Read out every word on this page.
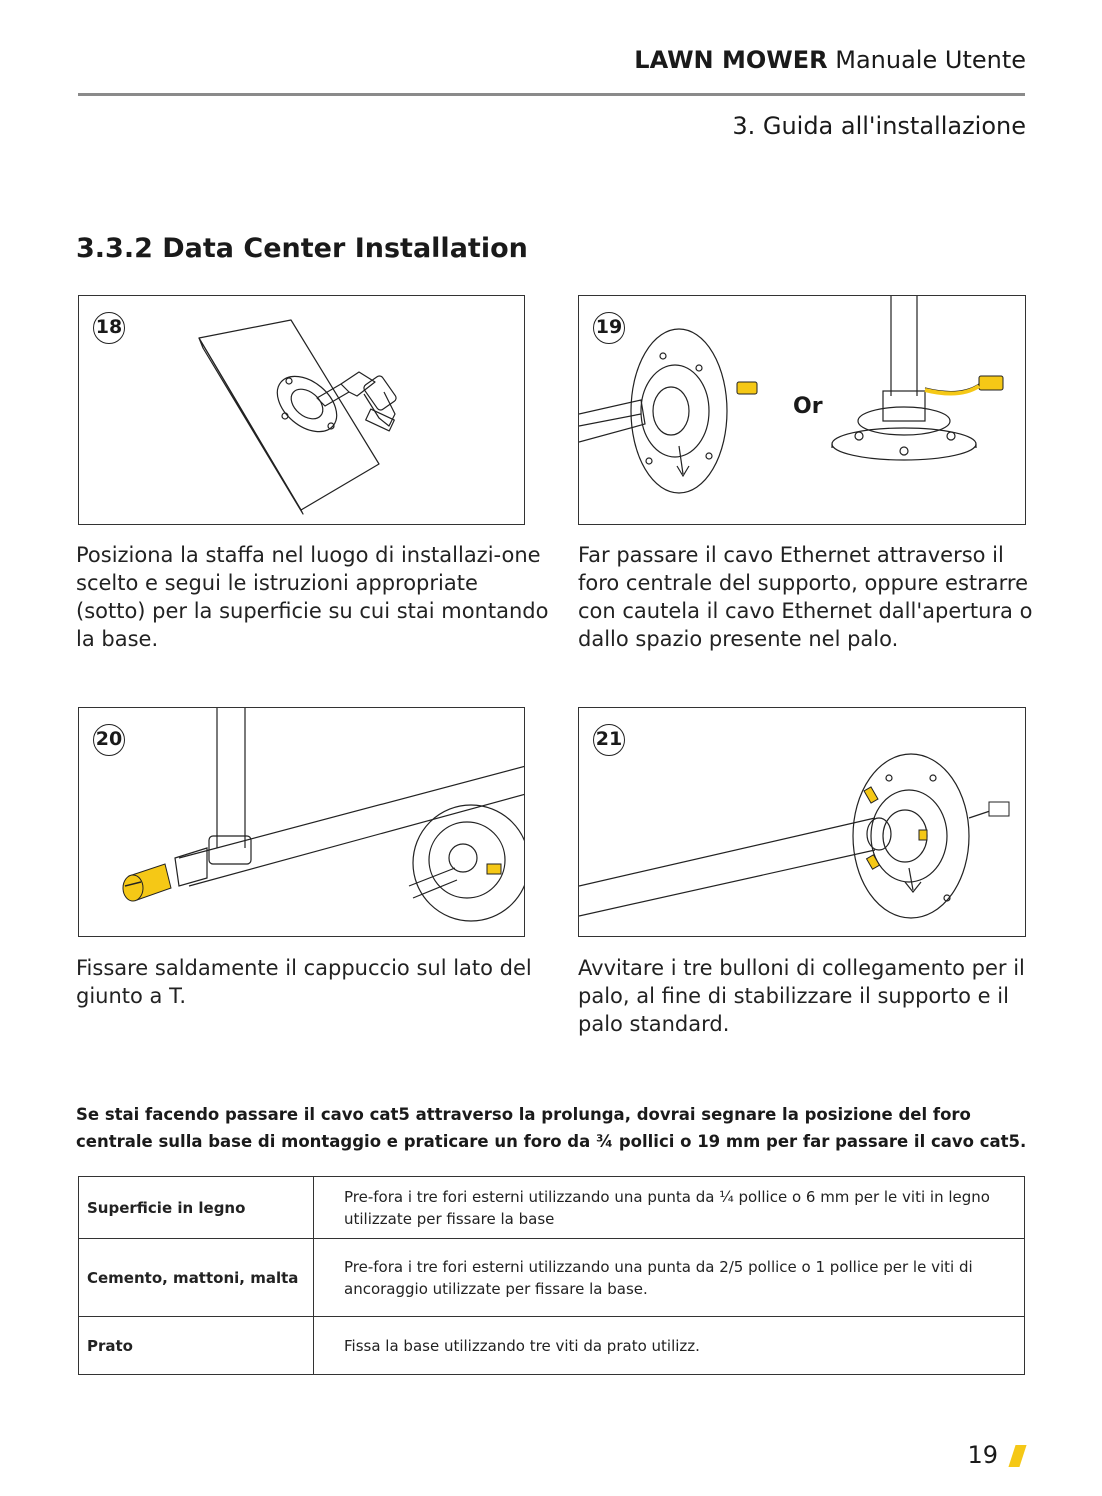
LAWN MOWER Manuale Utente
3. Guida all'installazione
3.3.2 Data Center Installation
18
Posiziona la staffa nel luogo di installazi-one scelto e segui le istruzioni appropriate (sotto) per la superficie su cui stai montando la base.
19
Or
Far passare il cavo Ethernet attraverso il foro centrale del supporto, oppure estrarre con cautela il cavo Ethernet dall'apertura o dallo spazio presente nel palo.
20
Fissare saldamente il cappuccio sul lato del giunto a T.
21
Avvitare i tre bulloni di collegamento per il palo, al fine di stabilizzare il supporto e il palo standard.
Se stai facendo passare il cavo cat5 attraverso la prolunga, dovrai segnare la posizione del foro centrale sulla base di montaggio e praticare un foro da ¾ pollici o 19 mm per far passare il cavo cat5.
Superficie in legno	Pre-fora i tre fori esterni utilizzando una punta da ¼ pollice o 6 mm per le viti in legno utilizzate per fissare la base
Cemento, mattoni, malta	Pre-fora i tre fori esterni utilizzando una punta da 2/5 pollice o 1 pollice per le viti di ancoraggio utilizzate per fissare la base.
Prato	Fissa la base utilizzando tre viti da prato utilizz.
19
